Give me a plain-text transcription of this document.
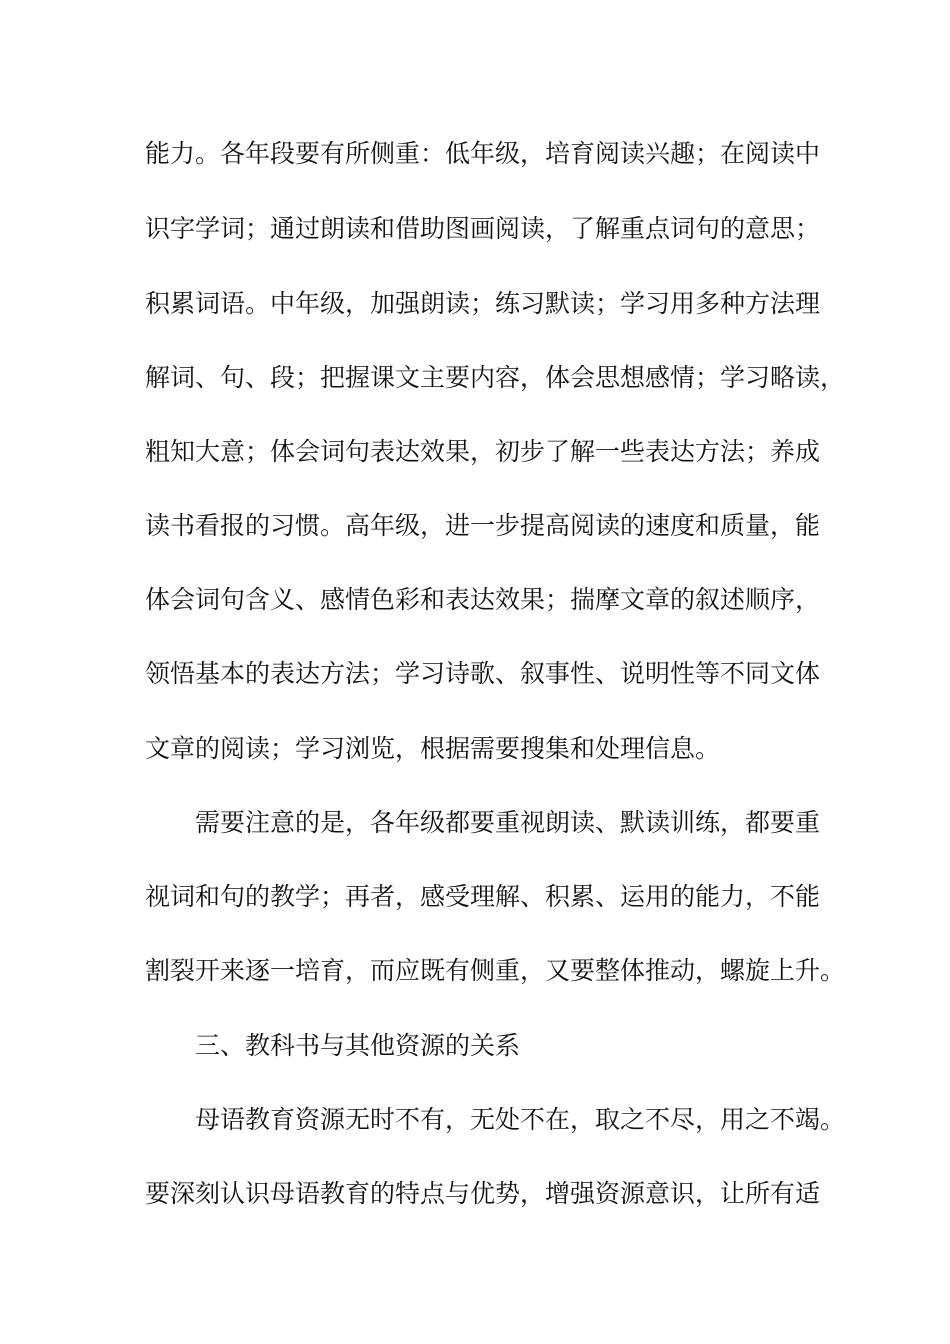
能力。各年段要有所侧重：低年级，培育阅读兴趣；在阅读中
识字学词；通过朗读和借助图画阅读，了解重点词句的意思；
积累词语。中年级，加强朗读；练习默读；学习用多种方法理
解词、句、段；把握课文主要内容，体会思想感情；学习略读，
粗知大意；体会词句表达效果，初步了解一些表达方法；养成
读书看报的习惯。高年级，进一步提高阅读的速度和质量，能
体会词句含义、感情色彩和表达效果；揣摩文章的叙述顺序，
领悟基本的表达方法；学习诗歌、叙事性、说明性等不同文体
文章的阅读；学习浏览，根据需要搜集和处理信息。
需要注意的是，各年级都要重视朗读、默读训练，都要重
视词和句的教学；再者，感受理解、积累、运用的能力，不能
割裂开来逐一培育，而应既有侧重，又要整体推动，螺旋上升。
三、教科书与其他资源的关系
母语教育资源无时不有，无处不在，取之不尽，用之不竭。
要深刻认识母语教育的特点与优势，增强资源意识，让所有适
